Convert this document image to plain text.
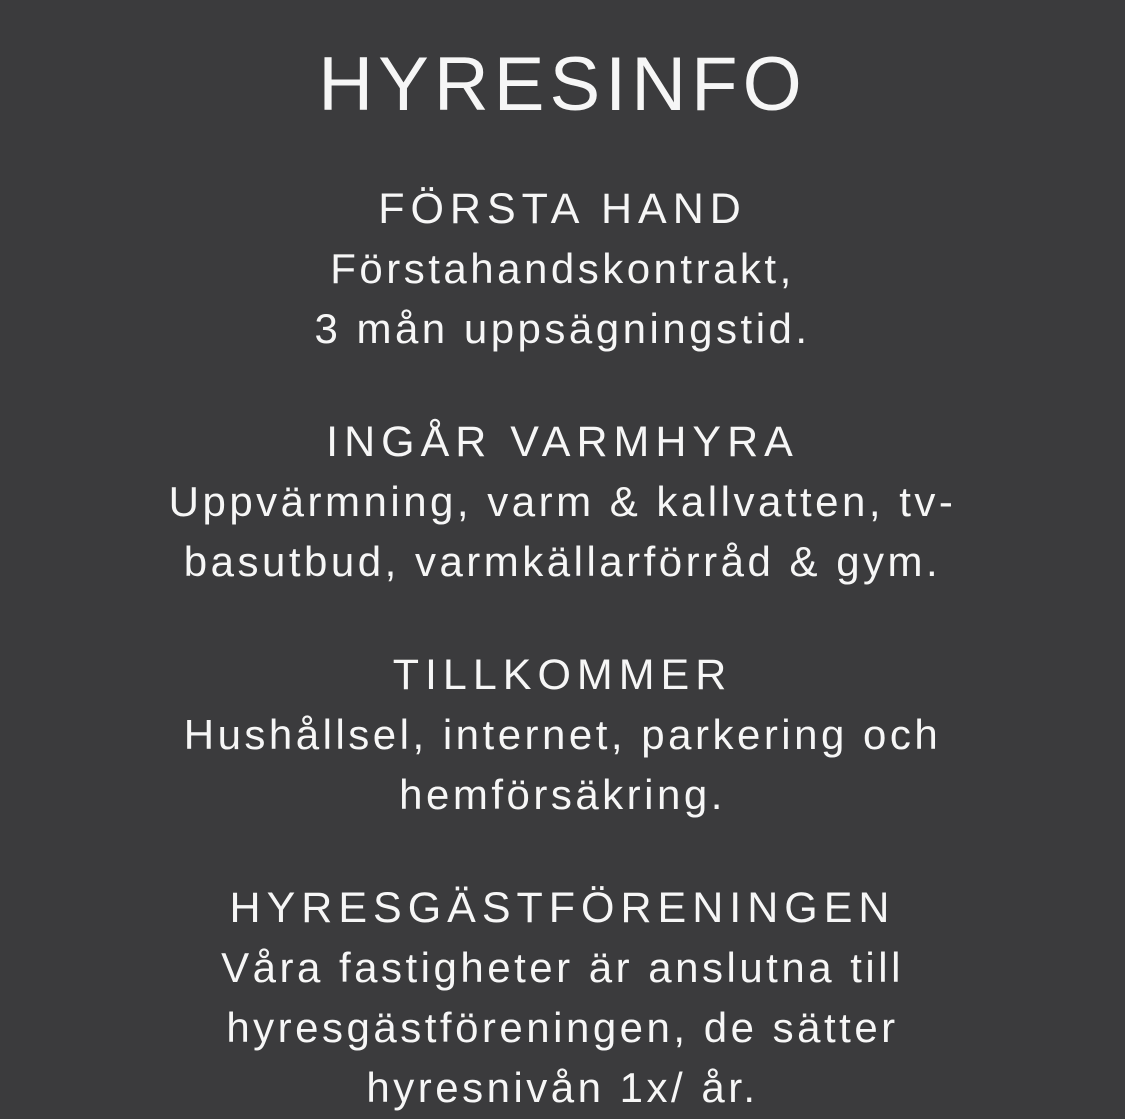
HYRESINFO
FÖRSTA HAND
Förstahandskontrakt,
3 mån uppsägningstid.
INGÅR VARMHYRA
Uppvärmning, varm & kallvatten, tv-
basutbud, varmkällarförråd & gym.
TILLKOMMER
Hushållsel, internet, parkering och
hemförsäkring.
HYRESGÄSTFÖRENINGEN
Våra fastigheter är anslutna till
hyresgästföreningen, de sätter
hyresnivån 1x/ år.
